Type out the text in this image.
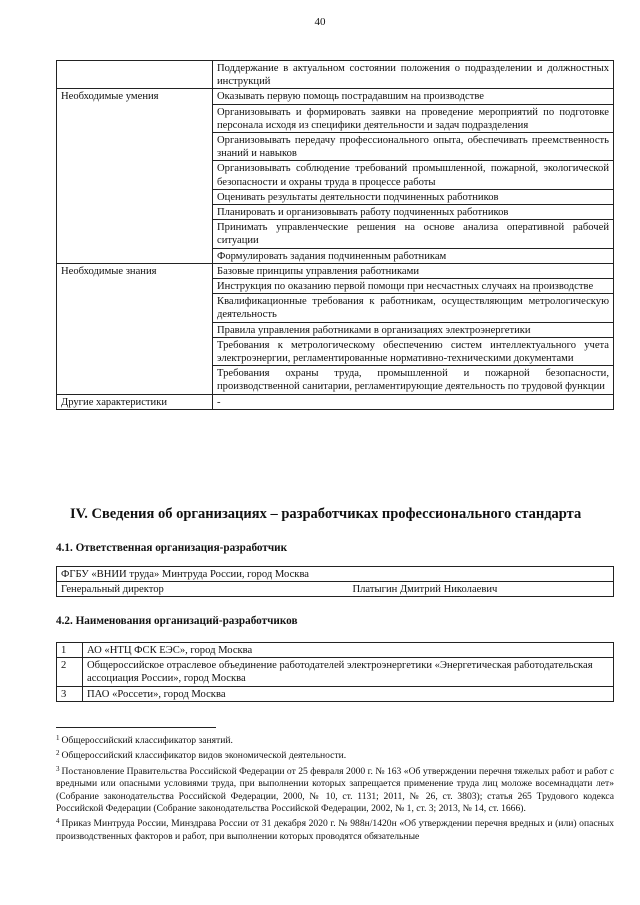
40
	Поддержание в актуальном состоянии положения о подразделении и должностных инструкций
Необходимые умения	Оказывать первую помощь пострадавшим на производстве
	Организовывать и формировать заявки на проведение мероприятий по подготовке персонала исходя из специфики деятельности и задач подразделения
	Организовывать передачу профессионального опыта, обеспечивать преемственность знаний и навыков
	Организовывать соблюдение требований промышленной, пожарной, экологической безопасности и охраны труда в процессе работы
	Оценивать результаты деятельности подчиненных работников
	Планировать и организовывать работу подчиненных работников
	Принимать управленческие решения на основе анализа оперативной рабочей ситуации
	Формулировать задания подчиненным работникам
Необходимые знания	Базовые принципы управления работниками
	Инструкция по оказанию первой помощи при несчастных случаях на производстве
	Квалификационные требования к работникам, осуществляющим метрологическую деятельность
	Правила управления работниками в организациях электроэнергетики
	Требования к метрологическому обеспечению систем интеллектуального учета электроэнергии, регламентированные нормативно-техническими документами
	Требования охраны труда, промышленной и пожарной безопасности, производственной санитарии, регламентирующие деятельность по трудовой функции
Другие характеристики	-
IV. Сведения об организациях – разработчиках профессионального стандарта
4.1. Ответственная организация-разработчик
ФГБУ «ВНИИ труда» Минтруда России, город Москва
Генеральный директор	Платыгин Дмитрий Николаевич
4.2. Наименования организаций-разработчиков
1	АО «НТЦ ФСК ЕЭС», город Москва
2	Общероссийское отраслевое объединение работодателей электроэнергетики «Энергетическая работодательская ассоциация России», город Москва
3	ПАО «Россети», город Москва
$^1$ Общероссийский классификатор занятий.
$^2$ Общероссийский классификатор видов экономической деятельности.
$^3$ Постановление Правительства Российской Федерации от 25 февраля 2000 г. № 163 «Об утверждении перечня тяжелых работ и работ с вредными или опасными условиями труда, при выполнении которых запрещается применение труда лиц моложе восемнадцати лет» (Собрание законодательства Российской Федерации, 2000, № 10, ст. 1131; 2011, № 26, ст. 3803); статья 265 Трудового кодекса Российской Федерации (Собрание законодательства Российской Федерации, 2002, № 1, ст. 3; 2013, № 14, ст. 1666).
$^4$ Приказ Минтруда России, Минздрава России от 31 декабря 2020 г. № 988н/1420н «Об утверждении перечня вредных и (или) опасных производственных факторов и работ, при выполнении которых проводятся обязательные
